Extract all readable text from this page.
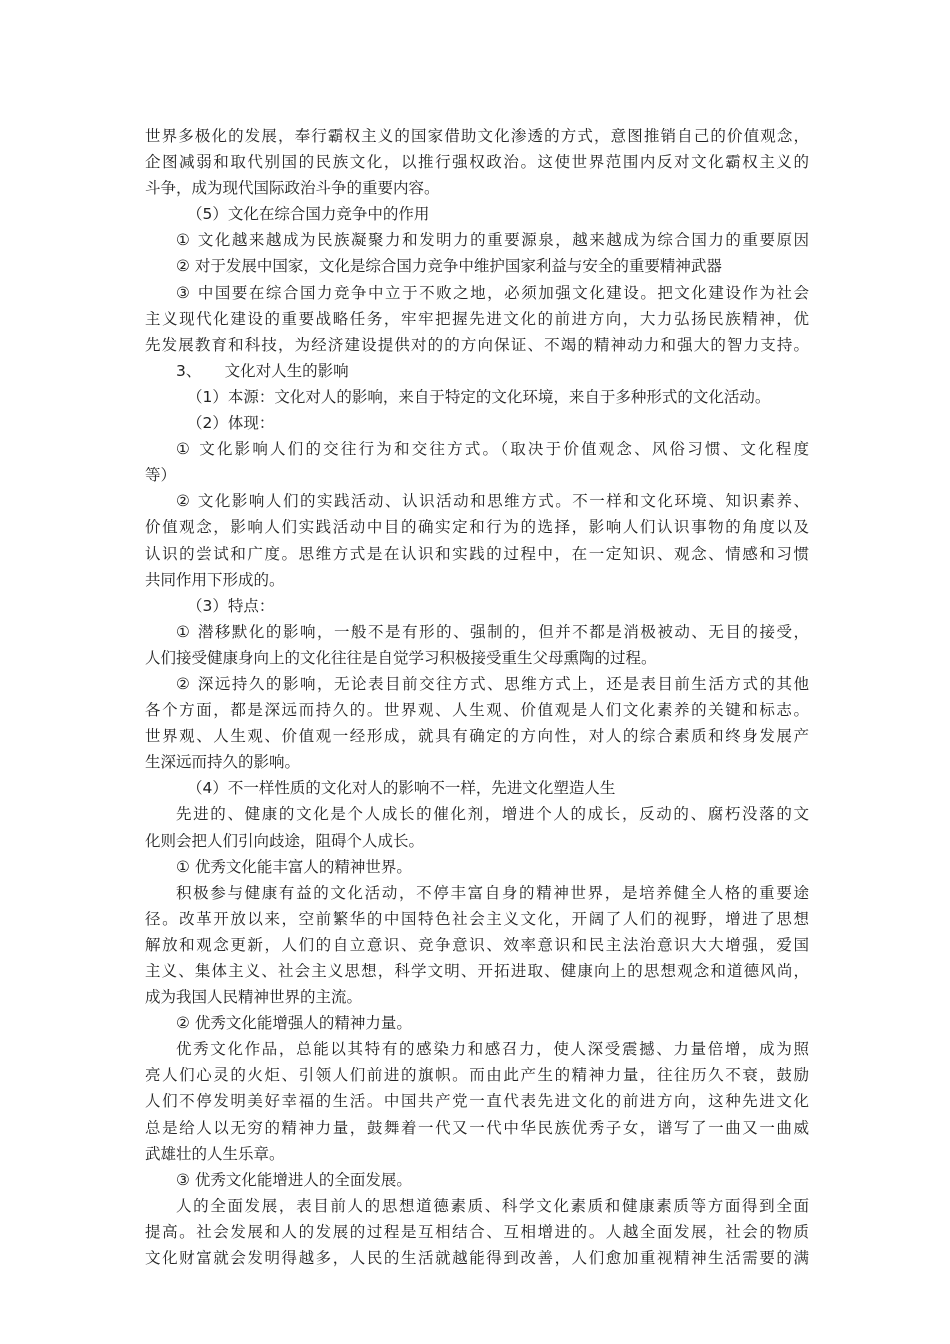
世界多极化的发展，奉行霸权主义的国家借助文化渗透的方式，意图推销自己的价值观念，
企图减弱和取代别国的民族文化，以推行强权政治。这使世界范围内反对文化霸权主义的
斗争，成为现代国际政治斗争的重要内容。
（5）文化在综合国力竞争中的作用
① 文化越来越成为民族凝聚力和发明力的重要源泉，越来越成为综合国力的重要原因
② 对于发展中国家，文化是综合国力竞争中维护国家利益与安全的重要精神武器
③ 中国要在综合国力竞争中立于不败之地，必须加强文化建设。把文化建设作为社会
主义现代化建设的重要战略任务，牢牢把握先进文化的前进方向，大力弘扬民族精神，优
先发展教育和科技，为经济建设提供对的的方向保证、不竭的精神动力和强大的智力支持。
3、　　文化对人生的影响
（1）本源：文化对人的影响，来自于特定的文化环境，来自于多种形式的文化活动。
（2）体现：
① 文化影响人们的交往行为和交往方式。（取决于价值观念、风俗习惯、文化程度
等）
② 文化影响人们的实践活动、认识活动和思维方式。不一样和文化环境、知识素养、
价值观念，影响人们实践活动中目的确实定和行为的选择，影响人们认识事物的角度以及
认识的尝试和广度。思维方式是在认识和实践的过程中，在一定知识、观念、情感和习惯
共同作用下形成的。
（3）特点：
① 潜移默化的影响，一般不是有形的、强制的，但并不都是消极被动、无目的接受，
人们接受健康身向上的文化往往是自觉学习积极接受重生父母熏陶的过程。
② 深远持久的影响，无论表目前交往方式、思维方式上，还是表目前生活方式的其他
各个方面，都是深远而持久的。世界观、人生观、价值观是人们文化素养的关键和标志。
世界观、人生观、价值观一经形成，就具有确定的方向性，对人的综合素质和终身发展产
生深远而持久的影响。
（4）不一样性质的文化对人的影响不一样，先进文化塑造人生
先进的、健康的文化是个人成长的催化剂，增进个人的成长，反动的、腐朽没落的文
化则会把人们引向歧途，阻碍个人成长。
① 优秀文化能丰富人的精神世界。
积极参与健康有益的文化活动，不停丰富自身的精神世界，是培养健全人格的重要途
径。改革开放以来，空前繁华的中国特色社会主义文化，开阔了人们的视野，增进了思想
解放和观念更新，人们的自立意识、竞争意识、效率意识和民主法治意识大大增强，爱国
主义、集体主义、社会主义思想，科学文明、开拓进取、健康向上的思想观念和道德风尚，
成为我国人民精神世界的主流。
② 优秀文化能增强人的精神力量。
优秀文化作品，总能以其特有的感染力和感召力，使人深受震撼、力量倍增，成为照
亮人们心灵的火炬、引领人们前进的旗帜。而由此产生的精神力量，往往历久不衰，鼓励
人们不停发明美好幸福的生活。中国共产党一直代表先进文化的前进方向，这种先进文化
总是给人以无穷的精神力量，鼓舞着一代又一代中华民族优秀子女，谱写了一曲又一曲威
武雄壮的人生乐章。
③ 优秀文化能增进人的全面发展。
人的全面发展，表目前人的思想道德素质、科学文化素质和健康素质等方面得到全面
提高。社会发展和人的发展的过程是互相结合、互相增进的。人越全面发展，社会的物质
文化财富就会发明得越多，人民的生活就越能得到改善，人们愈加重视精神生活需要的满
